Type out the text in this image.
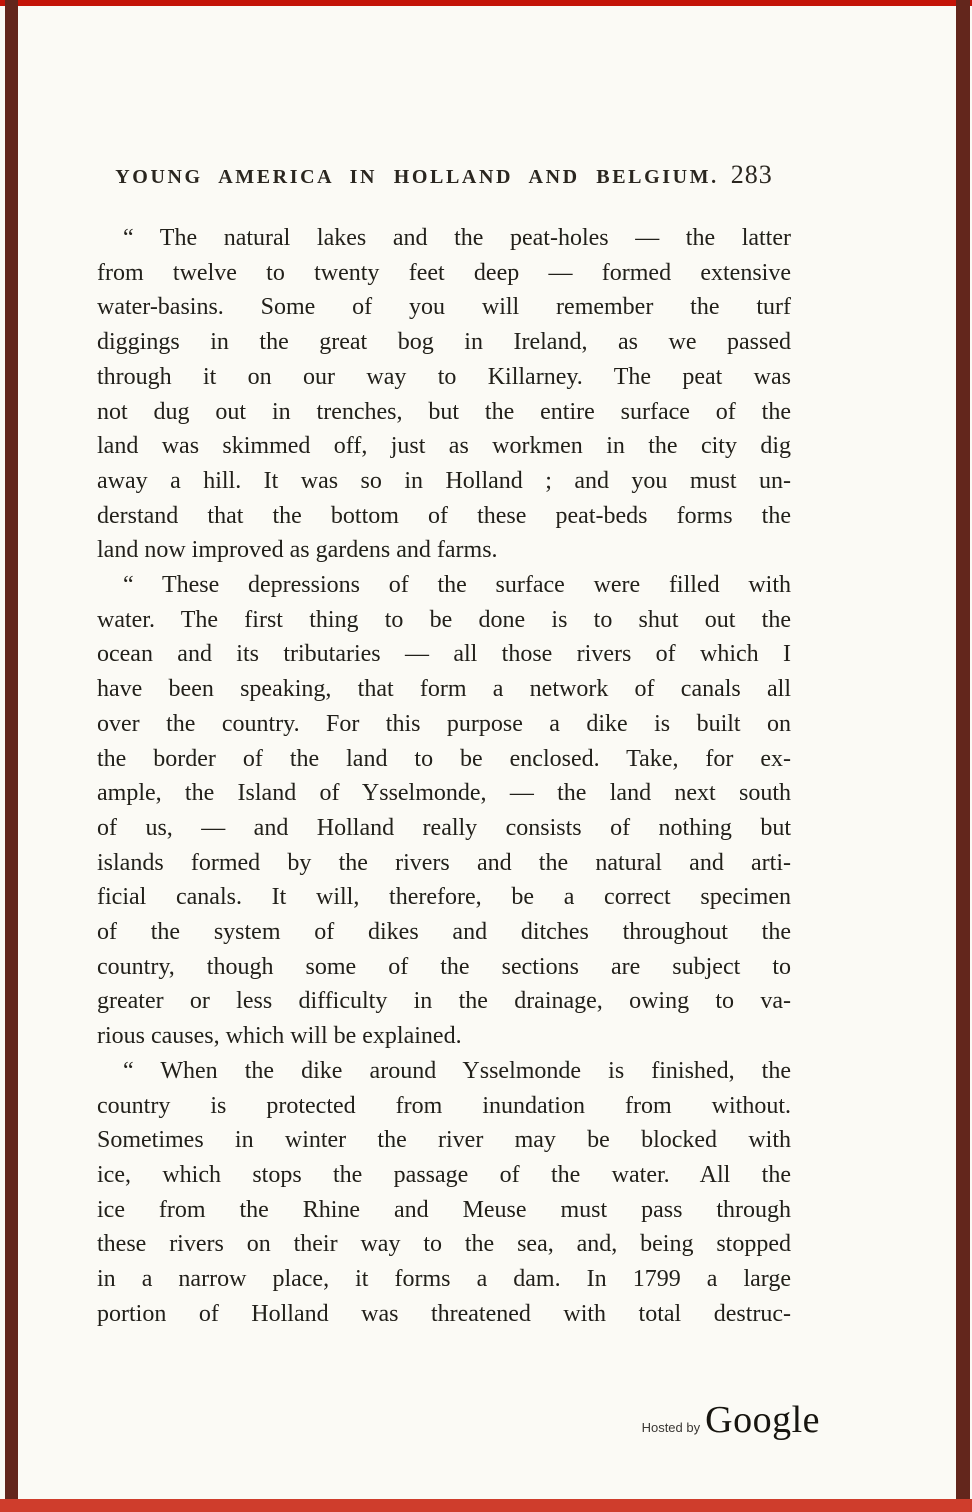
YOUNG AMERICA IN HOLLAND AND BELGIUM. 283
“ The natural lakes and the peat-holes — the latter
from twelve to twenty feet deep — formed extensive
water-basins. Some of you will remember the turf
diggings in the great bog in Ireland, as we passed
through it on our way to Killarney. The peat was
not dug out in trenches, but the entire surface of the
land was skimmed off, just as workmen in the city dig
away a hill. It was so in Holland ; and you must un-
derstand that the bottom of these peat-beds forms the
land now improved as gardens and farms.
“ These depressions of the surface were filled with
water. The first thing to be done is to shut out the
ocean and its tributaries — all those rivers of which I
have been speaking, that form a network of canals all
over the country. For this purpose a dike is built on
the border of the land to be enclosed. Take, for ex-
ample, the Island of Ysselmonde, — the land next south
of us, — and Holland really consists of nothing but
islands formed by the rivers and the natural and arti-
ficial canals. It will, therefore, be a correct specimen
of the system of dikes and ditches throughout the
country, though some of the sections are subject to
greater or less difficulty in the drainage, owing to va-
rious causes, which will be explained.
“ When the dike around Ysselmonde is finished, the
country is protected from inundation from without.
Sometimes in winter the river may be blocked with
ice, which stops the passage of the water. All the
ice from the Rhine and Meuse must pass through
these rivers on their way to the sea, and, being stopped
in a narrow place, it forms a dam. In 1799 a large
portion of Holland was threatened with total destruc-
Hosted by Google
